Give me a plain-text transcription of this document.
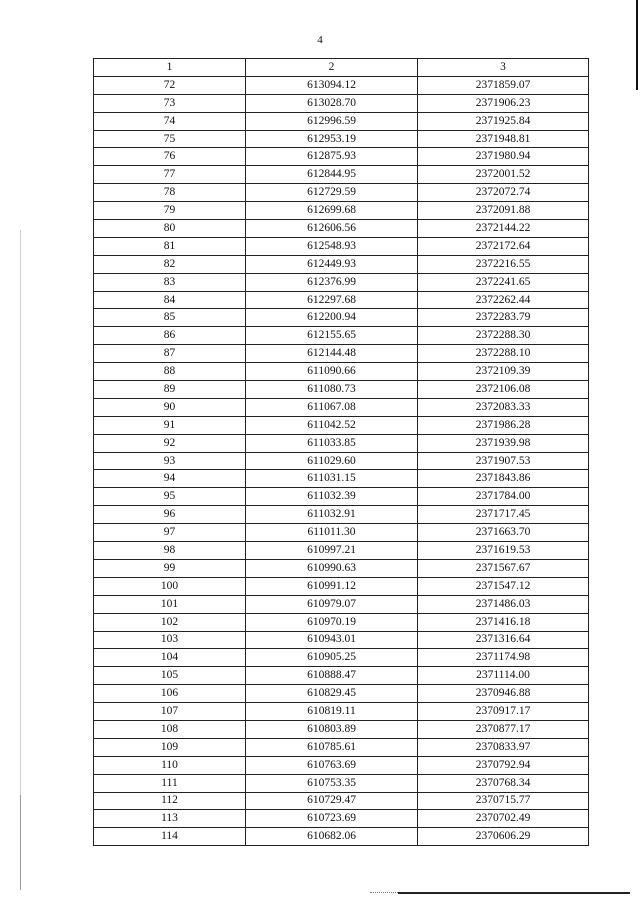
4
1	2	3
72	613094.12	2371859.07
73	613028.70	2371906.23
74	612996.59	2371925.84
75	612953.19	2371948.81
76	612875.93	2371980.94
77	612844.95	2372001.52
78	612729.59	2372072.74
79	612699.68	2372091.88
80	612606.56	2372144.22
81	612548.93	2372172.64
82	612449.93	2372216.55
83	612376.99	2372241.65
84	612297.68	2372262.44
85	612200.94	2372283.79
86	612155.65	2372288.30
87	612144.48	2372288.10
88	611090.66	2372109.39
89	611080.73	2372106.08
90	611067.08	2372083.33
91	611042.52	2371986.28
92	611033.85	2371939.98
93	611029.60	2371907.53
94	611031.15	2371843.86
95	611032.39	2371784.00
96	611032.91	2371717.45
97	611011.30	2371663.70
98	610997.21	2371619.53
99	610990.63	2371567.67
100	610991.12	2371547.12
101	610979.07	2371486.03
102	610970.19	2371416.18
103	610943.01	2371316.64
104	610905.25	2371174.98
105	610888.47	2371114.00
106	610829.45	2370946.88
107	610819.11	2370917.17
108	610803.89	2370877.17
109	610785.61	2370833.97
110	610763.69	2370792.94
111	610753.35	2370768.34
112	610729.47	2370715.77
113	610723.69	2370702.49
114	610682.06	2370606.29
